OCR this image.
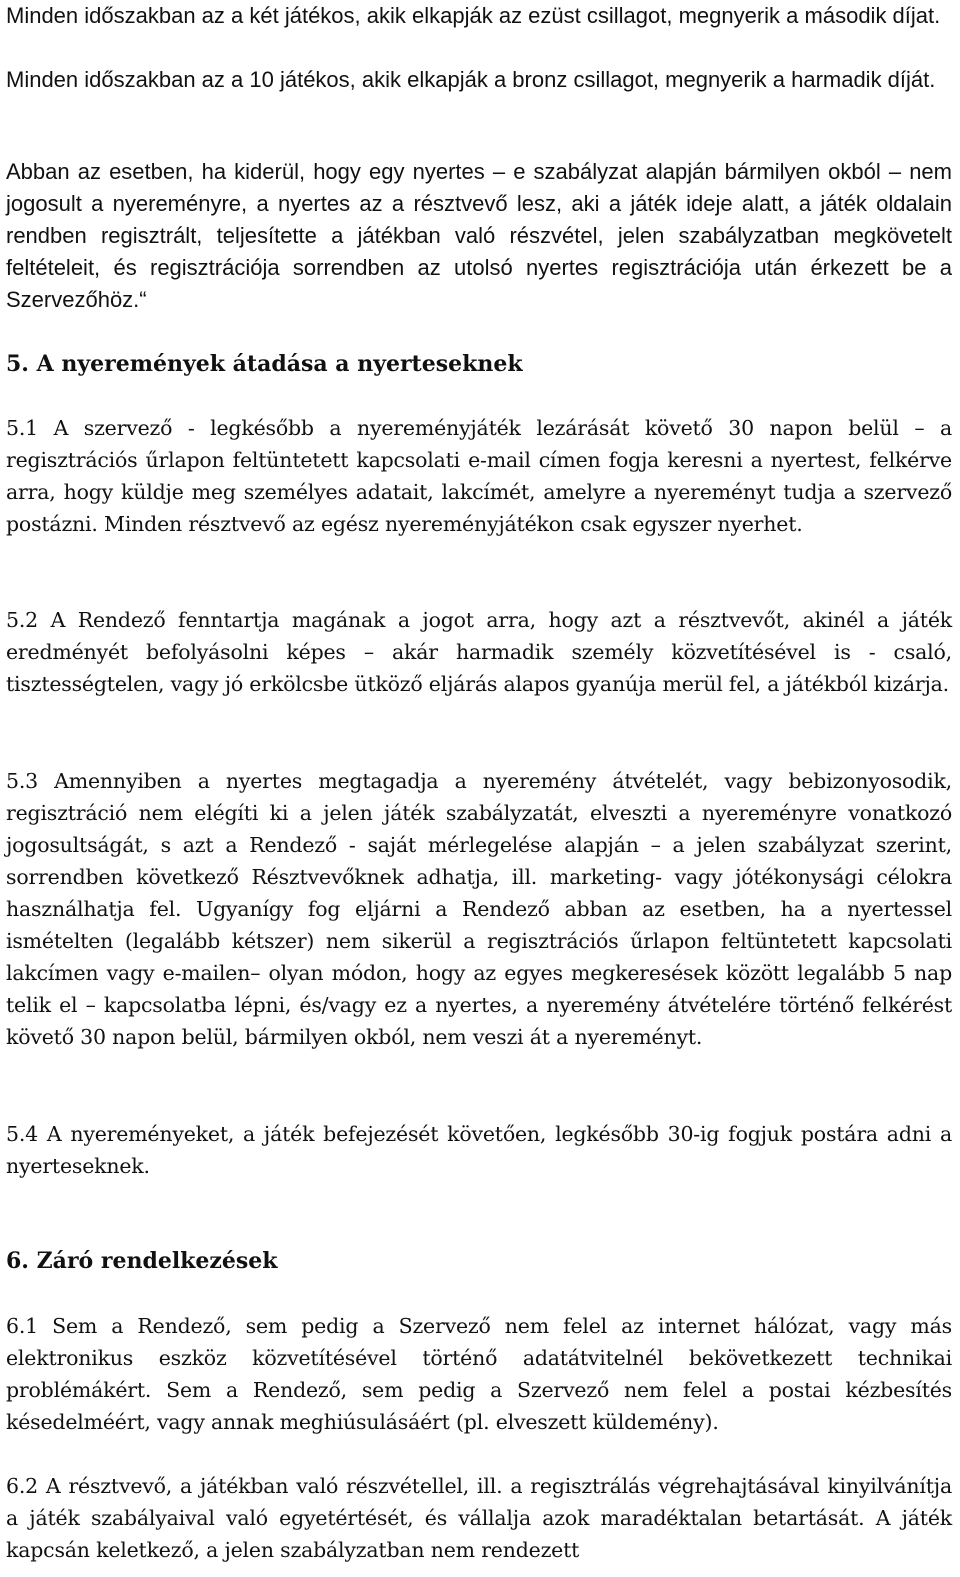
Minden időszakban az a két játékos, akik elkapják az ezüst csillagot, megnyerik a második díjat.
Minden időszakban az a 10 játékos, akik elkapják a bronz csillagot, megnyerik a harmadik díját.
Abban az esetben, ha kiderül, hogy egy nyertes – e szabályzat alapján bármilyen okból – nem jogosult a nyereményre, a nyertes az a résztvevő lesz, aki a játék ideje alatt, a játék oldalain rendben regisztrált, teljesítette a játékban való részvétel, jelen szabályzatban megkövetelt feltételeit, és regisztrációja sorrendben az utolsó nyertes regisztrációja után érkezett be a Szervezőhöz.“
5. A nyeremények átadása a nyerteseknek
5.1 A szervező - legkésőbb a nyereményjáték lezárását követő 30 napon belül – a regisztrációs űrlapon feltüntetett kapcsolati e-mail címen fogja keresni a nyertest, felkérve arra, hogy küldje meg személyes adatait, lakcímét, amelyre a nyereményt tudja a szervező postázni. Minden résztvevő az egész nyereményjátékon csak egyszer nyerhet.
5.2 A Rendező fenntartja magának a jogot arra, hogy azt a résztvevőt, akinél a játék eredményét befolyásolni képes – akár harmadik személy közvetítésével is - csaló, tisztességtelen, vagy jó erkölcsbe ütköző eljárás alapos gyanúja merül fel, a játékból kizárja.
5.3 Amennyiben a nyertes megtagadja a nyeremény átvételét, vagy bebizonyosodik, regisztráció nem elégíti ki a jelen játék szabályzatát, elveszti a nyereményre vonatkozó jogosultságát, s azt a Rendező - saját mérlegelése alapján – a jelen szabályzat szerint, sorrendben következő Résztvevőknek adhatja, ill. marketing- vagy jótékonysági célokra használhatja fel. Ugyanígy fog eljárni a Rendező abban az esetben, ha a nyertessel ismételten (legalább kétszer) nem sikerül a regisztrációs űrlapon feltüntetett kapcsolati lakcímen vagy e-mailen– olyan módon, hogy az egyes megkeresések között legalább 5 nap telik el – kapcsolatba lépni, és/vagy ez a nyertes, a nyeremény átvételére történő felkérést követő 30 napon belül, bármilyen okból, nem veszi át a nyereményt.
5.4 A nyereményeket, a játék befejezését követően, legkésőbb 30-ig fogjuk postára adni a nyerteseknek.
6. Záró rendelkezések
6.1 Sem a Rendező, sem pedig a Szervező nem felel az internet hálózat, vagy más elektronikus eszköz közvetítésével történő adatátvitelnél bekövetkezett technikai problémákért. Sem a Rendező, sem pedig a Szervező nem felel a postai kézbesítés késedelméért, vagy annak meghiúsulásáért (pl. elveszett küldemény).
6.2 A résztvevő, a játékban való részvétellel, ill. a regisztrálás végrehajtásával kinyilvánítja a játék szabályaival való egyetértését, és vállalja azok maradéktalan betartását. A játék kapcsán keletkező, a jelen szabályzatban nem rendezett
